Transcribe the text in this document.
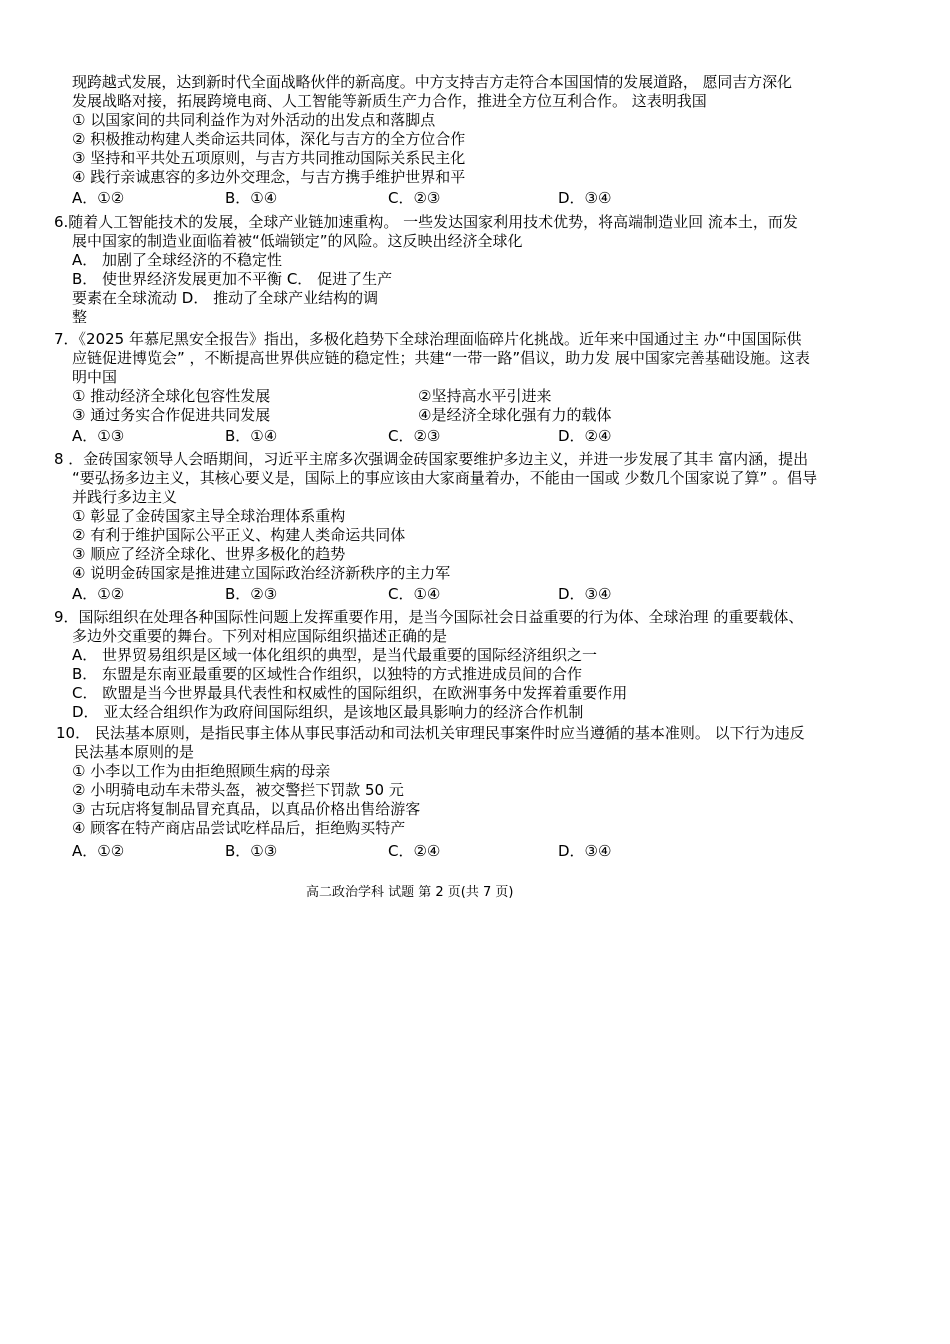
现跨越式发展，达到新时代全面战略伙伴的新高度。中方支持吉方走符合本国国情的发展道路， 愿同吉方深化
发展战略对接，拓展跨境电商、人工智能等新质生产力合作，推进全方位互利合作。 这表明我国
① 以国家间的共同利益作为对外活动的出发点和落脚点
② 积极推动构建人类命运共同体，深化与吉方的全方位合作
③ 坚持和平共处五项原则，与吉方共同推动国际关系民主化
④ 践行亲诚惠容的多边外交理念，与吉方携手维护世界和平
A．①②	B．①④	C．②③	D．③④
6.随着人工智能技术的发展，全球产业链加速重构。 一些发达国家利用技术优势，将高端制造业回 流本土，而发
展中国家的制造业面临着被“低端锁定”的风险。这反映出经济全球化
A． 加剧了全球经济的不稳定性
B． 使世界经济发展更加不平衡 C． 促进了生产
要素在全球流动 D． 推动了全球产业结构的调
整
7．《2025 年慕尼黑安全报告》指出，多极化趋势下全球治理面临碎片化挑战。近年来中国通过主 办“中国国际供
应链促进博览会” ，不断提高世界供应链的稳定性；共建“一带一路”倡议，助力发 展中国家完善基础设施。这表
明中国
① 推动经济全球化包容性发展	②坚持高水平引进来
③ 通过务实合作促进共同发展	④是经济全球化强有力的载体
A．①③	B．①④	C．②③	D．②④
8 ．金砖国家领导人会晤期间，习近平主席多次强调金砖国家要维护多边主义，并进一步发展了其丰 富内涵，提出
“要弘扬多边主义，其核心要义是，国际上的事应该由大家商量着办，不能由一国或 少数几个国家说了算” 。倡导
并践行多边主义
① 彰显了金砖国家主导全球治理体系重构
② 有利于维护国际公平正义、构建人类命运共同体
③ 顺应了经济全球化、世界多极化的趋势
④ 说明金砖国家是推进建立国际政治经济新秩序的主力军
A．①②	B．②③	C．①④	D．③④
9．国际组织在处理各种国际性问题上发挥重要作用，是当今国际社会日益重要的行为体、全球治理 的重要载体、
多边外交重要的舞台。下列对相应国际组织描述正确的是
A． 世界贸易组织是区域一体化组织的典型，是当代最重要的国际经济组织之一
B． 东盟是东南亚最重要的区域性合作组织，以独特的方式推进成员间的合作
C． 欧盟是当今世界最具代表性和权威性的国际组织，在欧洲事务中发挥着重要作用
D． 亚太经合组织作为政府间国际组织，是该地区最具影响力的经济合作机制
10． 民法基本原则，是指民事主体从事民事活动和司法机关审理民事案件时应当遵循的基本准则。 以下行为违反
民法基本原则的是
① 小李以工作为由拒绝照顾生病的母亲
② 小明骑电动车未带头盔，被交警拦下罚款 50 元
③ 古玩店将复制品冒充真品，以真品价格出售给游客
④ 顾客在特产商店品尝试吃样品后，拒绝购买特产
A．①②	B．①③	C．②④	D．③④
高二政治学科 试题 第 2 页(共 7 页)
